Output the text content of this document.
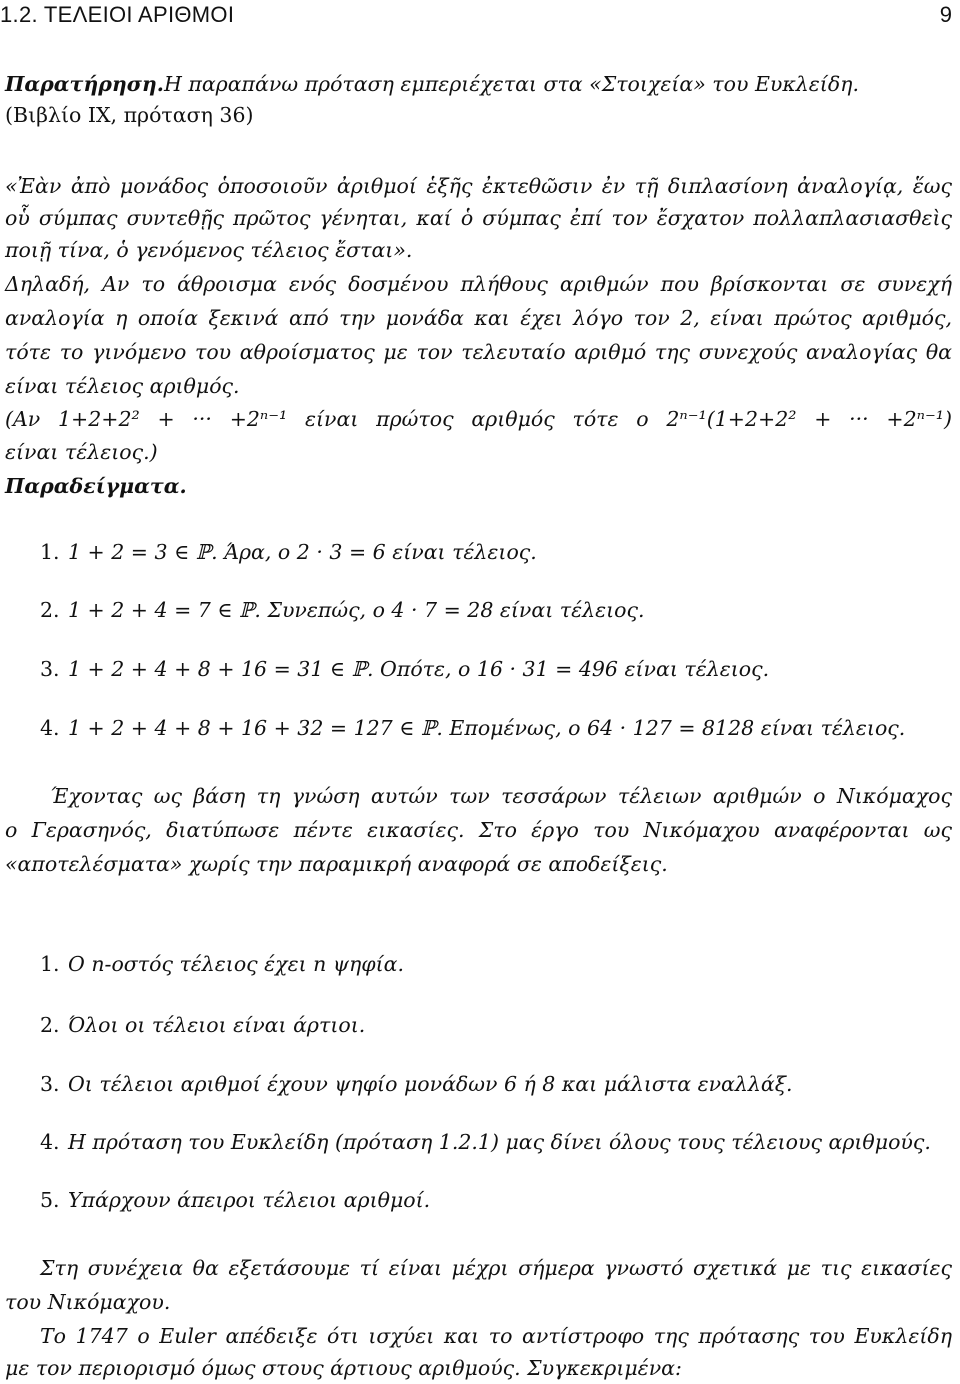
1.2. ΤΕΛΕΙΟΙ ΑΡΙΘΜΟΙ	9
Παρατήρηση.Η παραπάνω πρόταση εμπεριέχεται στα «Στοιχεία» του Ευκλείδη.
(Βιβλίο IX, πρόταση 36)
«Ἐὰν ἀπὸ μονάδος ὁποσοιοῦν ἀριθμοί ἑξῆς ἐκτεθῶσιν ἐν τῇ διπλασίονη ἀναλογίᾳ, ἕως
οὗ σύμπας συντεθῇς πρῶτος γένηται, καί ὁ σύμπας ἐπί τον ἔσχατον πολλαπλασιασθεὶς
ποιῇ τίνα, ὁ γενόμενος τέλειος ἔσται».
Δηλαδή, Αν το άθροισμα ενός δοσμένου πλήθους αριθμών που βρίσκονται σε συνεχή
αναλογία η οποία ξεκινά από την μονάδα και έχει λόγο τον 2, είναι πρώτος αριθμός,
τότε το γινόμενο του αθροίσματος με τον τελευταίο αριθμό της συνεχούς αναλογίας θα
είναι τέλειος αριθμός.
(Αν 1+2+2² + ··· +2ⁿ⁻¹ είναι πρώτος αριθμός τότε ο 2ⁿ⁻¹(1+2+2² + ··· +2ⁿ⁻¹)
είναι τέλειος.)
Παραδείγματα.
1. 1 + 2 = 3 ∈ ℙ. Άρα, ο 2 · 3 = 6 είναι τέλειος.
2. 1 + 2 + 4 = 7 ∈ ℙ. Συνεπώς, ο 4 · 7 = 28 είναι τέλειος.
3. 1 + 2 + 4 + 8 + 16 = 31 ∈ ℙ. Οπότε, ο 16 · 31 = 496 είναι τέλειος.
4. 1 + 2 + 4 + 8 + 16 + 32 = 127 ∈ ℙ. Επομένως, ο 64 · 127 = 8128 είναι τέλειος.
Έχοντας ως βάση τη γνώση αυτών των τεσσάρων τέλειων αριθμών ο Νικόμαχος
ο Γερασηνός, διατύπωσε πέντε εικασίες. Στο έργο του Νικόμαχου αναφέρονται ως
«αποτελέσματα» χωρίς την παραμικρή αναφορά σε αποδείξεις.
1. Ο n-οστός τέλειος έχει n ψηφία.
2. Όλοι οι τέλειοι είναι άρτιοι.
3. Οι τέλειοι αριθμοί έχουν ψηφίο μονάδων 6 ή 8 και μάλιστα εναλλάξ.
4. Η πρόταση του Ευκλείδη (πρόταση 1.2.1) μας δίνει όλους τους τέλειους αριθμούς.
5. Υπάρχουν άπειροι τέλειοι αριθμοί.
Στη συνέχεια θα εξετάσουμε τί είναι μέχρι σήμερα γνωστό σχετικά με τις εικασίες
του Νικόμαχου.
Το 1747 ο Euler απέδειξε ότι ισχύει και το αντίστροφο της πρότασης του Ευκλείδη
με τον περιορισμό όμως στους άρτιους αριθμούς. Συγκεκριμένα:
